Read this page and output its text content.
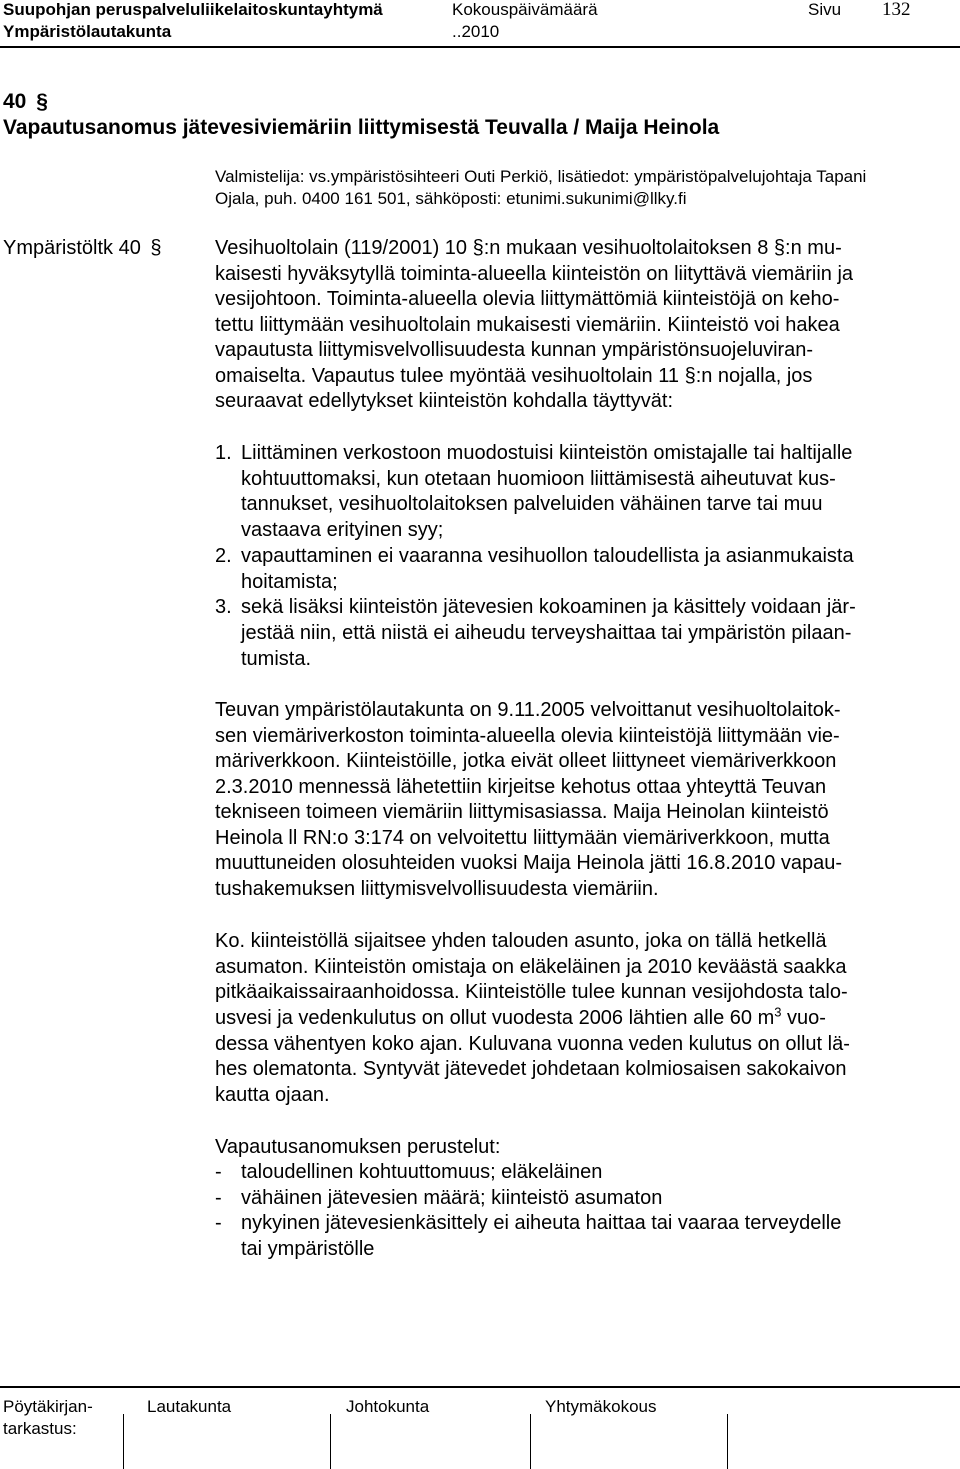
Suupohjan peruspalveluliikelaitoskuntayhtymä	Kokouspäivämäärä	Sivu 132
Ympäristölautakunta	..2010
40 §
Vapautusanomus jätevesiviemäriin liittymisestä Teuvalla / Maija Heinola
Valmistelija: vs.ympäristösihteeri Outi Perkiö, lisätiedot: ympäristöpalvelujohtaja Tapani
Ojala, puh. 0400 161 501, sähköposti: etunimi.sukunimi@llky.fi
Ympäristöltk 40 §	Vesihuoltolain (119/2001) 10 §:n mukaan vesihuoltolaitoksen 8 §:n mu-
kaisesti hyväksytyllä toiminta-alueella kiinteistön on liityttävä viemäriin ja
vesijohtoon. Toiminta-alueella olevia liittymättömiä kiinteistöjä on keho-
tettu liittymään vesihuoltolain mukaisesti viemäriin. Kiinteistö voi hakea
vapautusta liittymisvelvollisuudesta kunnan ympäristönsuojeluviran-
omaiselta. Vapautus tulee myöntää vesihuoltolain 11 §:n nojalla, jos
seuraavat edellytykset kiinteistön kohdalla täyttyvät:
1. Liittäminen verkostoon muodostuisi kiinteistön omistajalle tai haltijalle
kohtuuttomaksi, kun otetaan huomioon liittämisestä aiheutuvat kus-
tannukset, vesihuoltolaitoksen palveluiden vähäinen tarve tai muu
vastaava erityinen syy;
2. vapauttaminen ei vaaranna vesihuollon taloudellista ja asianmukaista
hoitamista;
3. sekä lisäksi kiinteistön jätevesien kokoaminen ja käsittely voidaan jär-
jestää niin, että niistä ei aiheudu terveyshaittaa tai ympäristön pilaan-
tumista.
Teuvan ympäristölautakunta on 9.11.2005 velvoittanut vesihuoltolaitok-
sen viemäriverkoston toiminta-alueella olevia kiinteistöjä liittymään vie-
märiverkkoon. Kiinteistöille, jotka eivät olleet liittyneet viemäriverkkoon
2.3.2010 mennessä lähetettiin kirjeitse kehotus ottaa yhteyttä Teuvan
tekniseen toimeen viemäriin liittymisasiassa. Maija Heinolan kiinteistö
Heinola ll RN:o 3:174 on velvoitettu liittymään viemäriverkkoon, mutta
muuttuneiden olosuhteiden vuoksi Maija Heinola jätti 16.8.2010 vapau-
tushakemuksen liittymisvelvollisuudesta viemäriin.
Ko. kiinteistöllä sijaitsee yhden talouden asunto, joka on tällä hetkellä
asumaton. Kiinteistön omistaja on eläkeläinen ja 2010 keväästä saakka
pitkäaikaissairaanhoidossa. Kiinteistölle tulee kunnan vesijohdosta talo-
usvesi ja vedenkulutus on ollut vuodesta 2006 lähtien alle 60 $m^3$ vuo-
dessa vähentyen koko ajan. Kuluvana vuonna veden kulutus on ollut lä-
hes olematonta. Syntyvät jätevedet johdetaan kolmiosaisen sakokaivon
kautta ojaan.
Vapautusanomuksen perustelut:
- taloudellinen kohtuuttomuus; eläkeläinen
- vähäinen jätevesien määrä; kiinteistö asumaton
- nykyinen jätevesienkäsittely ei aiheuta haittaa tai vaaraa terveydelle
tai ympäristölle
Pöytäkirjan-
tarkastus:
Lautakunta	Johtokunta	Yhtymäkokous
